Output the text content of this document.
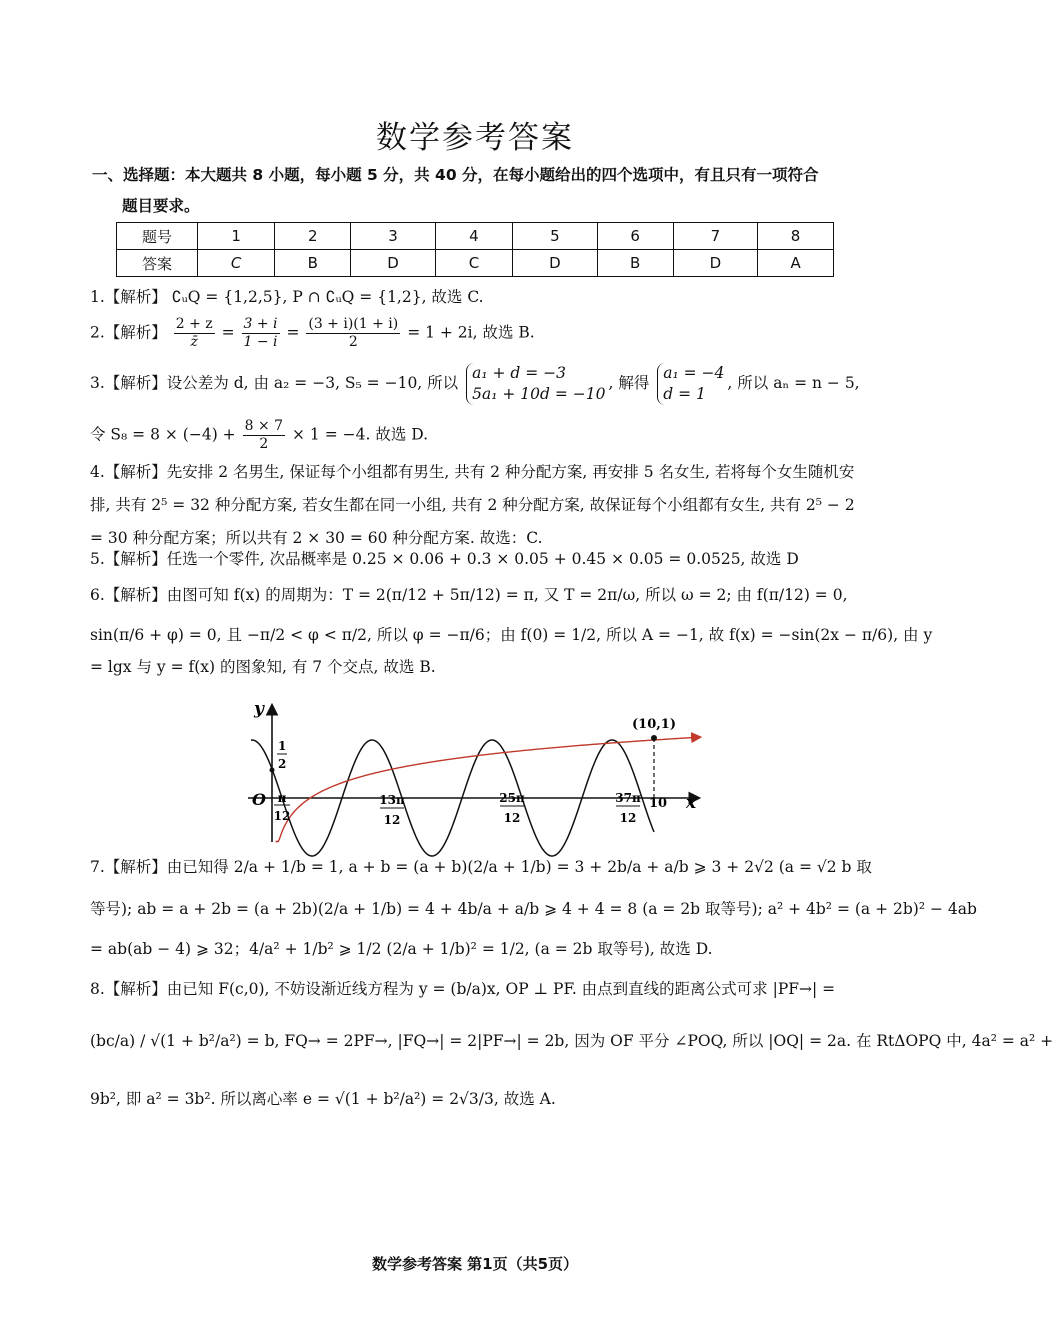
数学参考答案
一、选择题：本大题共 8 小题，每小题 5 分，共 40 分，在每小题给出的四个选项中，有且只有一项符合
题目要求。
题号	1	2	3	4	5	6	7	8
答案	C	B	D	C	D	B	D	A
1.【解析】 ∁ᵤQ = {1,2,5}, P ∩ ∁ᵤQ = {1,2}, 故选 C.
2.【解析】 $\frac{2 + z}{z̄} = \frac{3 + i}{1 - i} = \frac{(3 + i)(1 + i)}{2} = 1 + 2i$, 故选 B.
3.【解析】设公差为 d, 由 a₂ = −3, S₅ = −10, 所以
a₁ + d = −3
5a₁ + 10d = −10
, 解得
a₁ = −4
d = 1
, 所以 aₙ = n − 5,
令 $S_8 = 8 \times (-4) + \frac{8 \times 7}{2} \times 1 = -4$. 故选 D.
4.【解析】先安排 2 名男生, 保证每个小组都有男生, 共有 2 种分配方案, 再安排 5 名女生, 若将每个女生随机安排, 共有 2⁵ = 32 种分配方案, 若女生都在同一小组, 共有 2 种分配方案, 故保证每个小组都有女生, 共有 2⁵ − 2 = 30 种分配方案；所以共有 2 × 30 = 60 种分配方案. 故选：C.
5.【解析】任选一个零件, 次品概率是 0.25 × 0.06 + 0.3 × 0.05 + 0.45 × 0.05 = 0.0525, 故选 D
6.【解析】由图可知 f(x) 的周期为：T = 2(π/12 + 5π/12) = π, 又 T = 2π/ω, 所以 ω = 2; 由 f(π/12) = 0,
sin(π/6 + φ) = 0, 且 −π/2 < φ < π/2, 所以 φ = −π/6；由 f(0) = 1/2, 所以 A = −1, 故 f(x) = −sin(2x − π/6), 由 y
= lgx 与 y = f(x) 的图象知, 有 7 个交点, 故选 B.
y
x
O
1
2
π
12
13π
12
25π
12
37π
12
10
(10,1)
7.【解析】由已知得 2/a + 1/b = 1, a + b = (a + b)(2/a + 1/b) = 3 + 2b/a + a/b ⩾ 3 + 2√2 (a = √2 b 取
等号); ab = a + 2b = (a + 2b)(2/a + 1/b) = 4 + 4b/a + a/b ⩾ 4 + 4 = 8 (a = 2b 取等号); a² + 4b² = (a + 2b)² − 4ab
= ab(ab − 4) ⩾ 32；4/a² + 1/b² ⩾ 1/2 (2/a + 1/b)² = 1/2, (a = 2b 取等号), 故选 D.
8.【解析】由已知 F(c,0), 不妨设渐近线方程为 y = (b/a)x, OP ⊥ PF. 由点到直线的距离公式可求 |PF→| =
(bc/a) / √(1 + b²/a²) = b, FQ→ = 2PF→, |FQ→| = 2|PF→| = 2b, 因为 OF 平分 ∠POQ, 所以 |OQ| = 2a. 在 RtΔOPQ 中, 4a² = a² +
9b², 即 a² = 3b². 所以离心率 e = √(1 + b²/a²) = 2√3/3, 故选 A.
数学参考答案 第1页（共5页）
